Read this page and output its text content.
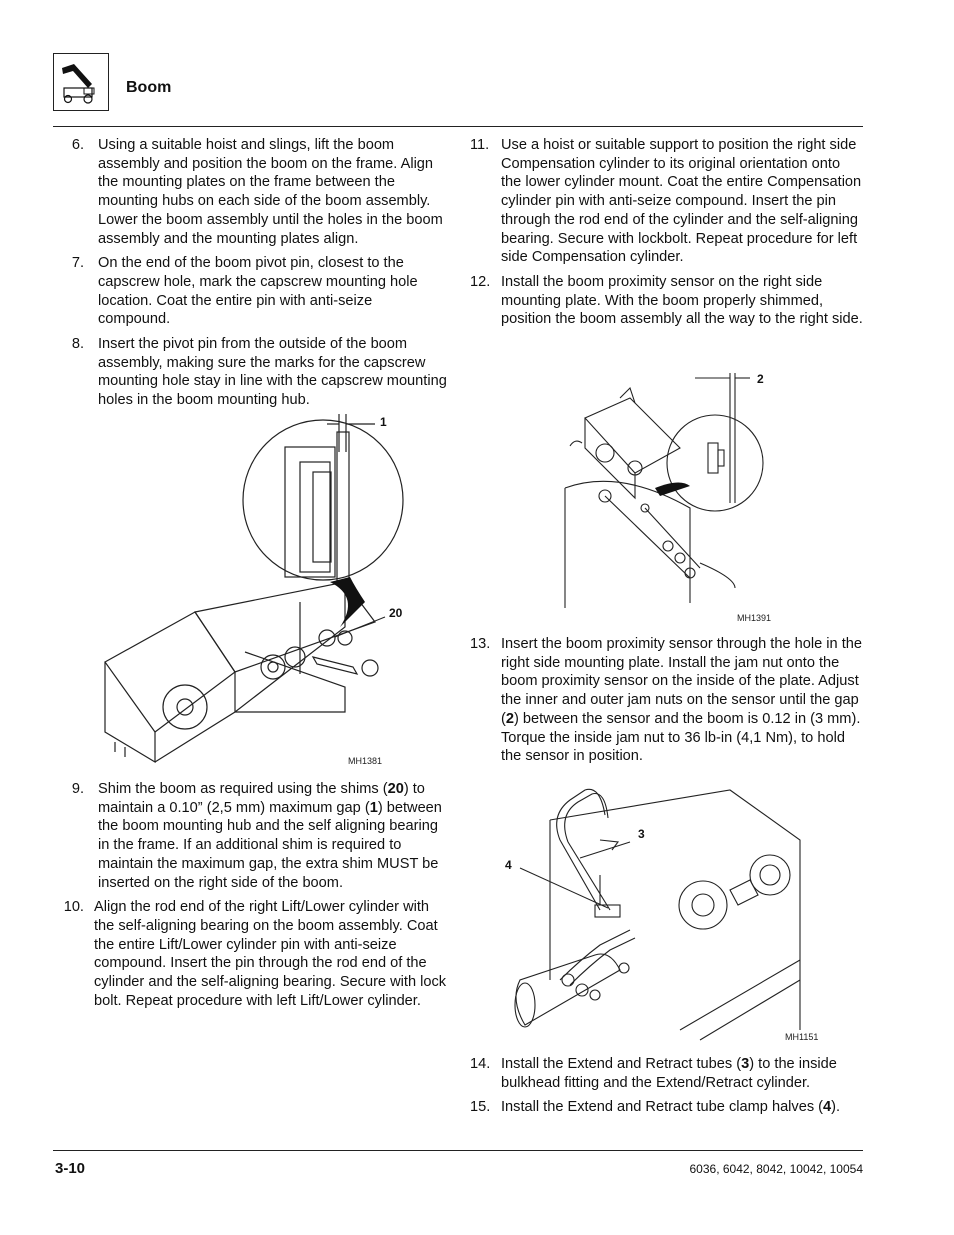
Boom
6. Using a suitable hoist and slings, lift the boom assembly and position the boom on the frame. Align the mounting plates on the frame between the mounting hubs on each side of the boom assembly. Lower the boom assembly until the holes in the boom assembly and the mounting plates align.
7. On the end of the boom pivot pin, closest to the capscrew hole, mark the capscrew mounting hole location. Coat the entire pin with anti-seize compound.
8. Insert the pivot pin from the outside of the boom assembly, making sure the marks for the capscrew mounting hole stay in line with the capscrew mounting holes in the boom mounting hub.
1
20
MH1381
9. Shim the boom as required using the shims (20) to maintain a 0.10” (2,5 mm) maximum gap (1) between the boom mounting hub and the self aligning bearing in the frame. If an additional shim is required to maintain the maximum gap, the extra shim MUST be inserted on the right side of the boom.
10. Align the rod end of the right Lift/Lower cylinder with the self-aligning bearing on the boom assembly. Coat the entire Lift/Lower cylinder pin with anti-seize compound. Insert the pin through the rod end of the cylinder and the self-aligning bearing. Secure with lock bolt. Repeat procedure with left Lift/Lower cylinder.
11. Use a hoist or suitable support to position the right side Compensation cylinder to its original orientation onto the lower cylinder mount. Coat the entire Compensation cylinder pin with anti-seize compound. Insert the pin through the rod end of the cylinder and the self-aligning bearing. Secure with lockbolt. Repeat procedure for left side Compensation cylinder.
12. Install the boom proximity sensor on the right side mounting plate. With the boom properly shimmed, position the boom assembly all the way to the right side.
2
MH1391
13. Insert the boom proximity sensor through the hole in the right side mounting plate. Install the jam nut onto the boom proximity sensor on the inside of the plate. Adjust the inner and outer jam nuts on the sensor until the gap (2) between the sensor and the boom is 0.12 in (3 mm). Torque the inside jam nut to 36 lb-in (4,1 Nm), to hold the sensor in position.
3
4
MH1151
14. Install the Extend and Retract tubes (3) to the inside bulkhead fitting and the Extend/Retract cylinder.
15. Install the Extend and Retract tube clamp halves (4).
3-10	6036, 6042, 8042, 10042, 10054
